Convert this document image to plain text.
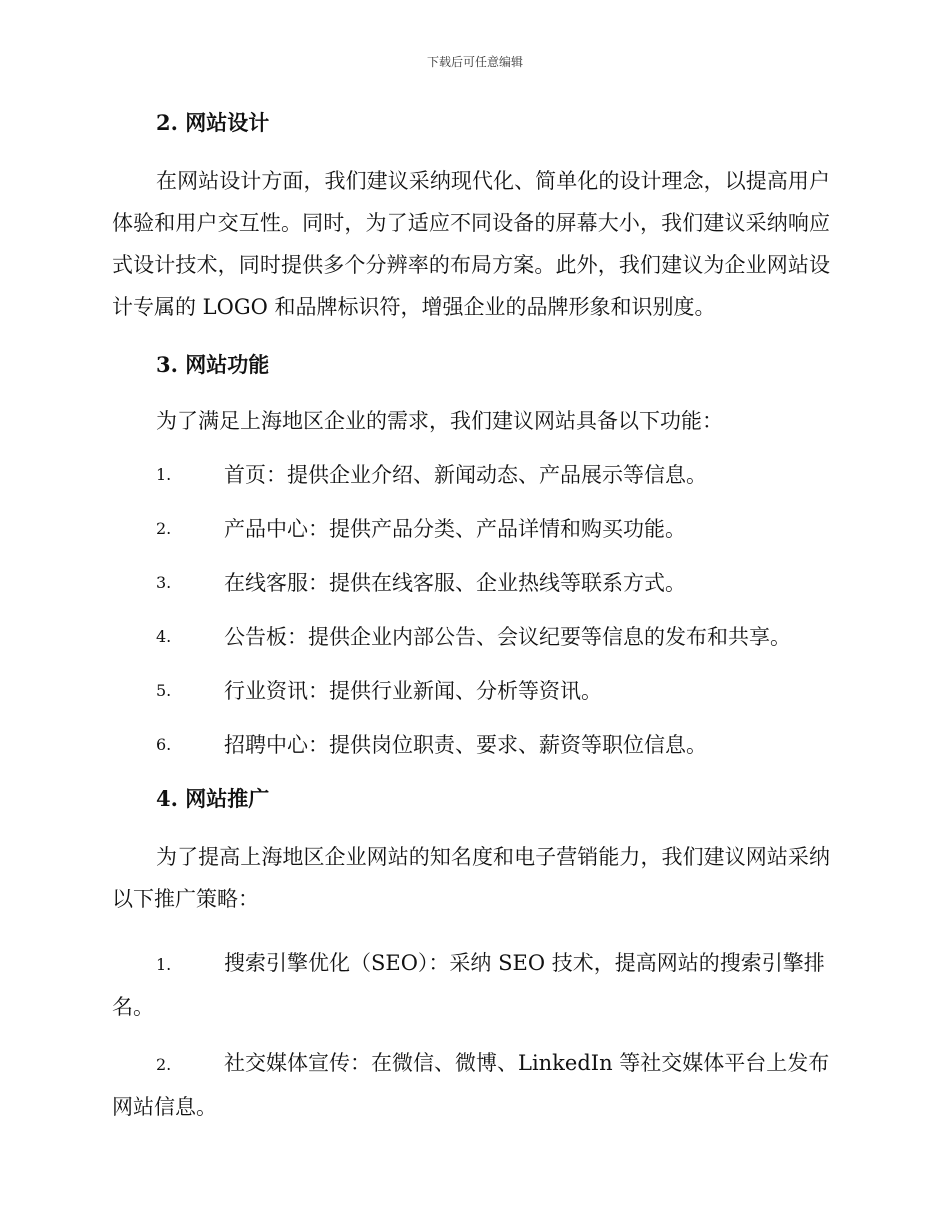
下载后可任意编辑

2. 网站设计

在网站设计方面，我们建议采纳现代化、简单化的设计理念，以提高用户体验和用户交互性。同时，为了适应不同设备的屏幕大小，我们建议采纳响应式设计技术，同时提供多个分辨率的布局方案。此外，我们建议为企业网站设计专属的 LOGO 和品牌标识符，增强企业的品牌形象和识别度。

3. 网站功能

为了满足上海地区企业的需求，我们建议网站具备以下功能：

1.	首页：提供企业介绍、新闻动态、产品展示等信息。
2.	产品中心：提供产品分类、产品详情和购买功能。
3.	在线客服：提供在线客服、企业热线等联系方式。
4.	公告板：提供企业内部公告、会议纪要等信息的发布和共享。
5.	行业资讯：提供行业新闻、分析等资讯。
6.	招聘中心：提供岗位职责、要求、薪资等职位信息。

4. 网站推广

为了提高上海地区企业网站的知名度和电子营销能力，我们建议网站采纳以下推广策略：

1.	搜索引擎优化（SEO）：采纳 SEO 技术，提高网站的搜索引擎排名。

2.	社交媒体宣传：在微信、微博、LinkedIn 等社交媒体平台上发布网站信息。
